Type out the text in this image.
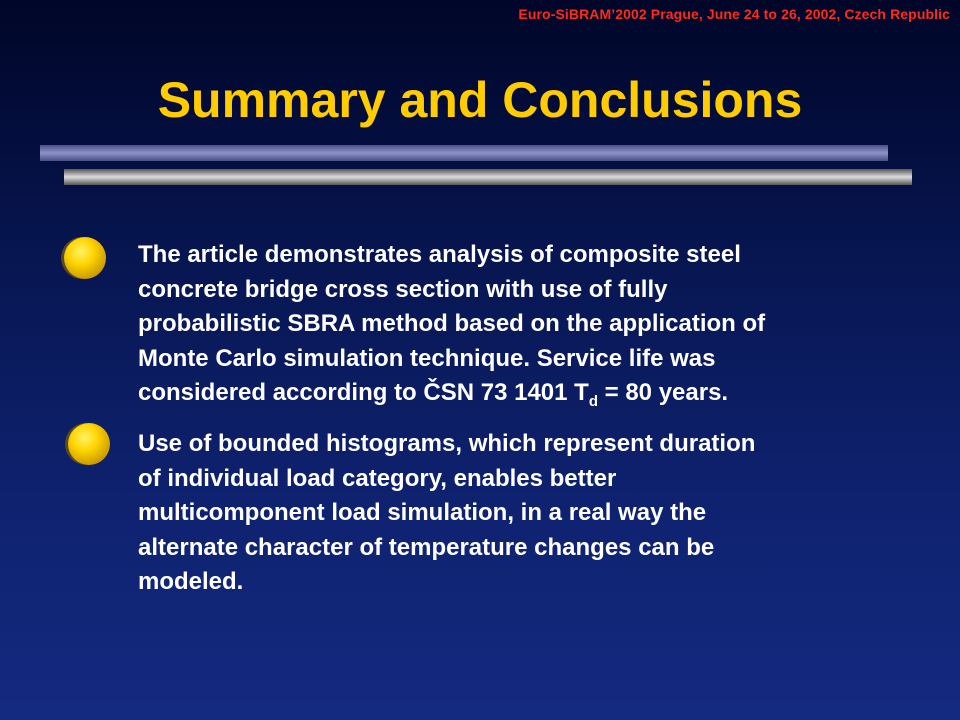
Euro-SiBRAM’2002 Prague, June 24 to 26, 2002, Czech Republic
Summary and Conclusions

The article demonstrates analysis of composite steel
concrete bridge cross section with use of fully
probabilistic SBRA method based on the application of
Monte Carlo simulation technique. Service life was
considered according to ČSN 73 1401 $T_d = 80$ years.

Use of bounded histograms, which represent duration
of individual load category, enables better
multicomponent load simulation, in a real way the
alternate character of temperature changes can be
modeled.
